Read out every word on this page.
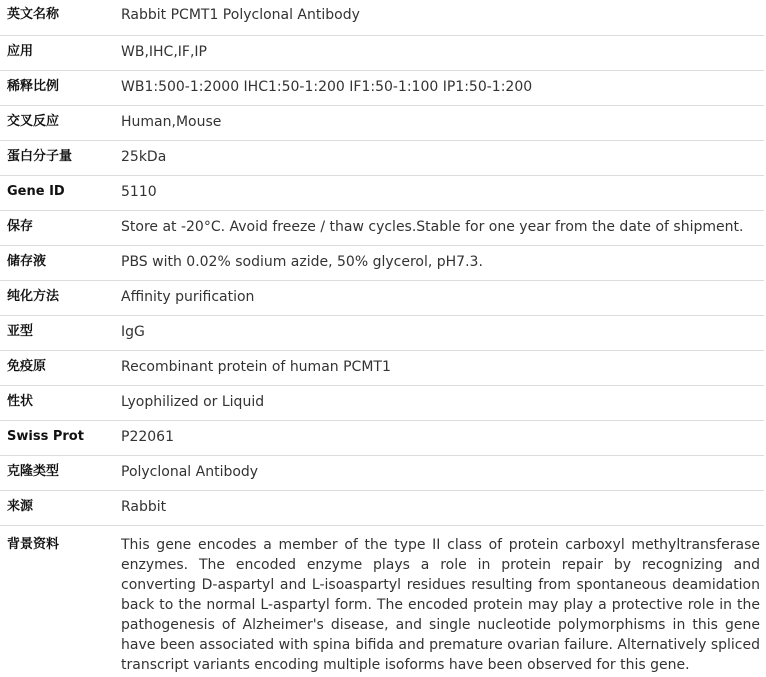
英文名称	Rabbit PCMT1 Polyclonal Antibody
应用	WB,IHC,IF,IP
稀释比例	WB1:500-1:2000 IHC1:50-1:200 IF1:50-1:100 IP1:50-1:200
交叉反应	Human,Mouse
蛋白分子量	25kDa
Gene ID	5110
保存	Store at -20°C. Avoid freeze / thaw cycles.Stable for one year from the date of shipment.
储存液	PBS with 0.02% sodium azide, 50% glycerol, pH7.3.
纯化方法	Affinity purification
亚型	IgG
免疫原	Recombinant protein of human PCMT1
性状	Lyophilized or Liquid
Swiss Prot	P22061
克隆类型	Polyclonal Antibody
来源	Rabbit
背景资料	This gene encodes a member of the type II class of protein carboxyl methyltransferase enzymes. The encoded enzyme plays a role in protein repair by recognizing and converting D-aspartyl and L-isoaspartyl residues resulting from spontaneous deamidation back to the normal L-aspartyl form. The encoded protein may play a protective role in the pathogenesis of Alzheimer's disease, and single nucleotide polymorphisms in this gene have been associated with spina bifida and premature ovarian failure. Alternatively spliced transcript variants encoding multiple isoforms have been observed for this gene.
